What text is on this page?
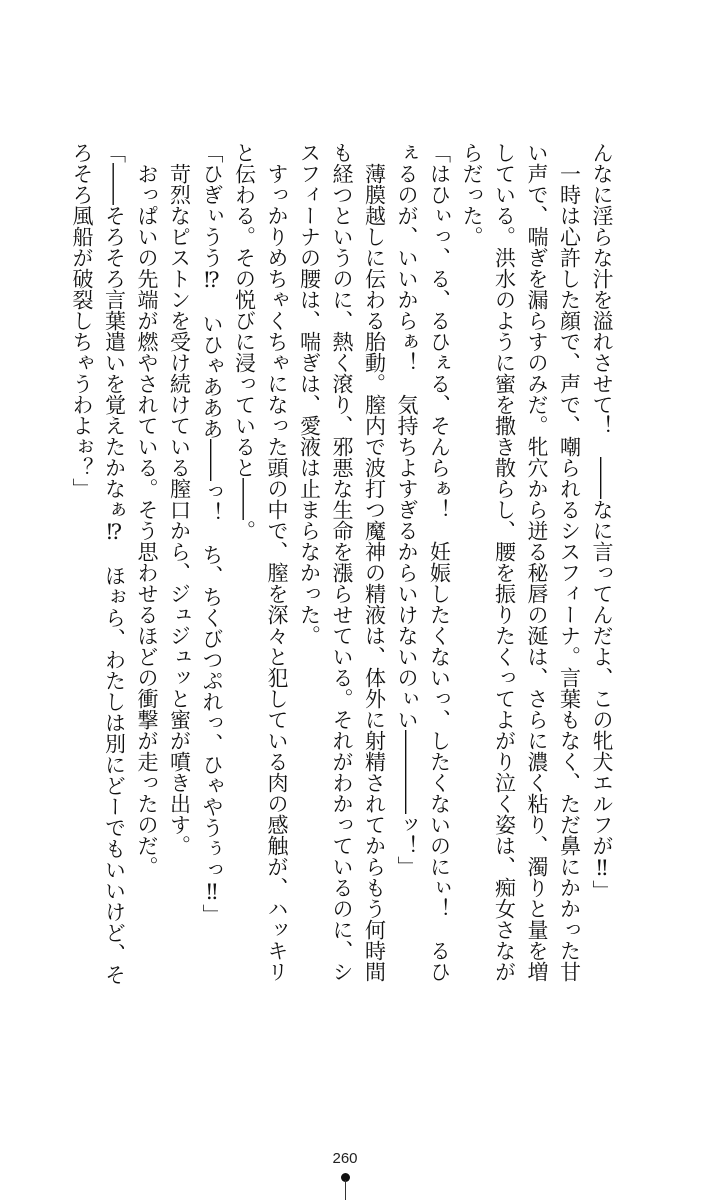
んなに淫らな汁を溢れさせて！　――なに言ってんだよ、この牝犬エルフが‼」

　一時は心許した顔で、声で、嘲られるシスフィーナ。言葉もなく、ただ鼻にかかった甘

い声で、喘ぎを漏らすのみだ。牝穴から迸る秘唇の涎は、さらに濃く粘り、濁りと量を増

している。洪水のように蜜を撒き散らし、腰を振りたくってよがり泣く姿は、痴女さなが

らだった。

「はひぃっ、る、るひぇる、そんらぁ！　妊娠したくないっ、したくないのにぃ！　るひ

ぇるのが、いいからぁ！　気持ちよすぎるからいけないのぃい――――ッ！」

　薄膜越しに伝わる胎動。膣内で波打つ魔神の精液は、体外に射精されてからもう何時間

も経つというのに、熱く滾り、邪悪な生命を漲らせている。それがわかっているのに、シ

スフィーナの腰は、喘ぎは、愛液は止まらなかった。

　すっかりめちゃくちゃになった頭の中で、膣を深々と犯している肉の感触が、ハッキリ

と伝わる。その悦びに浸っていると――。

「ひぎぃうう⁉　いひゃあああ――っ！　ち、ちくびつぷれっ、ひゃやうぅっ‼」

　苛烈なピストンを受け続けている膣口から、ジュジュッと蜜が噴き出す。

　おっぱいの先端が燃やされている。そう思わせるほどの衝撃が走ったのだ。

「――そろそろ言葉遣いを覚えたかなぁ⁉　ほぉら、わたしは別にどーでもいいけど、そ

ろそろ風船が破裂しちゃうわよぉ？」

260
